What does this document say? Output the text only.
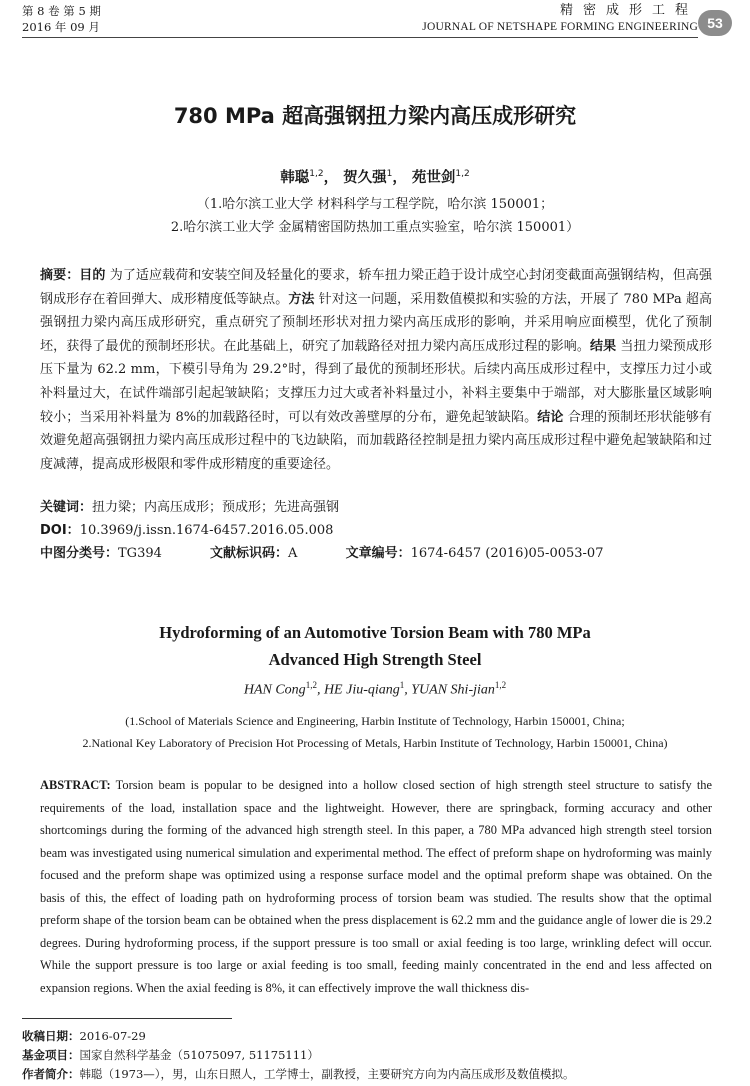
第 8 卷 第 5 期
2016 年 09 月
精密成形工程
JOURNAL OF NETSHAPE FORMING ENGINEERING 53
780 MPa 超高强钢扭力梁内高压成形研究
韩聪$^{1,2}$， 贺久强$^1$， 苑世剑$^{1,2}$
（1.哈尔滨工业大学 材料科学与工程学院，哈尔滨 150001；
2.哈尔滨工业大学 金属精密国防热加工重点实验室，哈尔滨 150001）
摘要：目的 为了适应载荷和安装空间及轻量化的要求，轿车扭力梁正趋于设计成空心封闭变截面高强钢结构，但高强钢成形存在着回弹大、成形精度低等缺点。方法 针对这一问题，采用数值模拟和实验的方法，开展了 780 MPa 超高强钢扭力梁内高压成形研究，重点研究了预制坯形状对扭力梁内高压成形的影响，并采用响应面模型，优化了预制坯，获得了最优的预制坯形状。在此基础上，研究了加载路径对扭力梁内高压成形过程的影响。结果 当扭力梁预成形压下量为 62.2 mm，下模引导角为 29.2°时，得到了最优的预制坯形状。后续内高压成形过程中，支撑压力过小或补料量过大，在试件端部引起起皱缺陷；支撑压力过大或者补料量过小，补料主要集中于端部，对大膨胀量区域影响较小；当采用补料量为 8%的加载路径时，可以有效改善壁厚的分布，避免起皱缺陷。结论 合理的预制坯形状能够有效避免超高强钢扭力梁内高压成形过程中的飞边缺陷，而加载路径控制是扭力梁内高压成形过程中避免起皱缺陷和过度减薄，提高成形极限和零件成形精度的重要途径。
关键词：扭力梁；内高压成形；预成形；先进高强钢
DOI：10.3969/j.issn.1674-6457.2016.05.008
中图分类号：TG394	文献标识码：A	文章编号：1674-6457 (2016)05-0053-07
Hydroforming of an Automotive Torsion Beam with 780 MPa
Advanced High Strength Steel
HAN Cong$^{1,2}$, HE Jiu-qiang$^1$, YUAN Shi-jian$^{1,2}$
(1.School of Materials Science and Engineering, Harbin Institute of Technology, Harbin 150001, China;
2.National Key Laboratory of Precision Hot Processing of Metals, Harbin Institute of Technology, Harbin 150001, China)
ABSTRACT: Torsion beam is popular to be designed into a hollow closed section of high strength steel structure to satisfy the requirements of the load, installation space and the lightweight. However, there are springback, forming accuracy and other shortcomings during the forming of the advanced high strength steel. In this paper, a 780 MPa advanced high strength steel torsion beam was investigated using numerical simulation and experimental method. The effect of preform shape on hydroforming was mainly focused and the preform shape was optimized using a response surface model and the optimal preform shape was obtained. On the basis of this, the effect of loading path on hydroforming process of torsion beam was studied. The results show that the optimal preform shape of the torsion beam can be obtained when the press displacement is 62.2 mm and the guidance angle of lower die is 29.2 degrees. During hydroforming process, if the support pressure is too small or axial feeding is too large, wrinkling defect will occur. While the support pressure is too large or axial feeding is too small, feeding mainly concentrated in the end and less affected on expansion regions. When the axial feeding is 8%, it can effectively improve the wall thickness dis-
收稿日期：2016-07-29
基金项目：国家自然科学基金（51075097, 51175111）
作者简介：韩聪（1973—），男，山东日照人，工学博士，副教授，主要研究方向为内高压成形及数值模拟。
